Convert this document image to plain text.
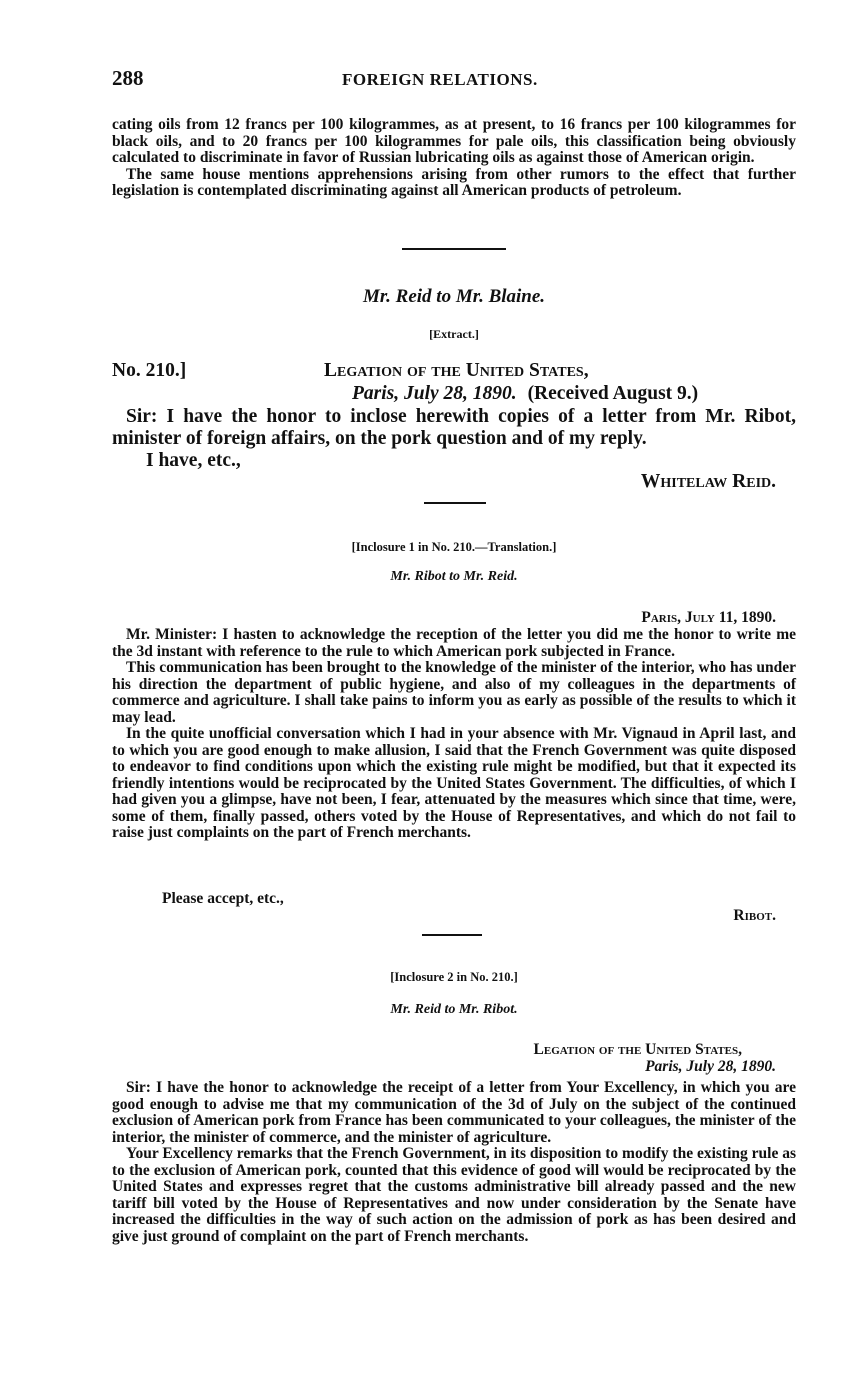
288	FOREIGN RELATIONS.

cating oils from 12 francs per 100 kilogrammes, as at present, to 16 francs per 100 kilogrammes for black oils, and to 20 francs per 100 kilogrammes for pale oils, this classification being obviously calculated to discriminate in favor of Russian lubricating oils as against those of American origin.

The same house mentions apprehensions arising from other rumors to the effect that further legislation is contemplated discriminating against all American products of petroleum.

Mr. Reid to Mr. Blaine.
[Extract.]
No. 210.]	Legation of the United States,
Paris, July 28, 1890. (Received August 9.)

Sir: I have the honor to inclose herewith copies of a letter from Mr. Ribot, minister of foreign affairs, on the pork question and of my reply.

I have, etc.,
Whitelaw Reid.
[Inclosure 1 in No. 210.—Translation.]
Mr. Ribot to Mr. Reid.
Paris, July 11, 1890.

Mr. Minister: I hasten to acknowledge the reception of the letter you did me the honor to write me the 3d instant with reference to the rule to which American pork subjected in France.

This communication has been brought to the knowledge of the minister of the interior, who has under his direction the department of public hygiene, and also of my colleagues in the departments of commerce and agriculture. I shall take pains to inform you as early as possible of the results to which it may lead.

In the quite unofficial conversation which I had in your absence with Mr. Vignaud in April last, and to which you are good enough to make allusion, I said that the French Government was quite disposed to endeavor to find conditions upon which the existing rule might be modified, but that it expected its friendly intentions would be reciprocated by the United States Government. The difficulties, of which I had given you a glimpse, have not been, I fear, attenuated by the measures which since that time, were, some of them, finally passed, others voted by the House of Representatives, and which do not fail to raise just complaints on the part of French merchants.

Please accept, etc.,
Ribot.
[Inclosure 2 in No. 210.]
Mr. Reid to Mr. Ribot.
Legation of the United States,
Paris, July 28, 1890.

Sir: I have the honor to acknowledge the receipt of a letter from Your Excellency, in which you are good enough to advise me that my communication of the 3d of July on the subject of the continued exclusion of American pork from France has been communicated to your colleagues, the minister of the interior, the minister of commerce, and the minister of agriculture.

Your Excellency remarks that the French Government, in its disposition to modify the existing rule as to the exclusion of American pork, counted that this evidence of good will would be reciprocated by the United States and expresses regret that the customs administrative bill already passed and the new tariff bill voted by the House of Representatives and now under consideration by the Senate have increased the difficulties in the way of such action on the admission of pork as has been desired and give just ground of complaint on the part of French merchants.
